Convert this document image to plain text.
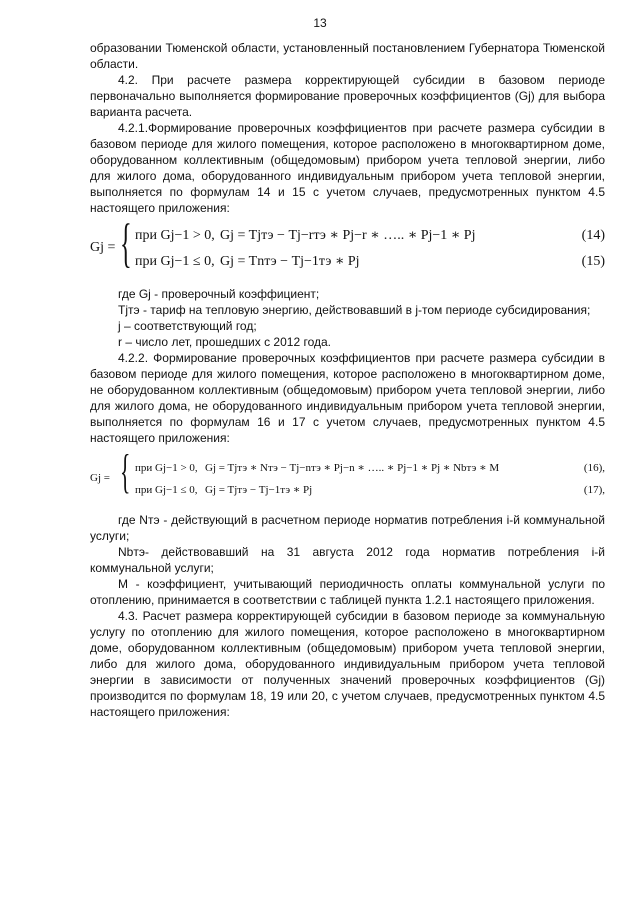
13

образовании Тюменской области, установленный постановлением Губернатора Тюменской области.

4.2. При расчете размера корректирующей субсидии в базовом периоде первоначально выполняется формирование проверочных коэффициентов (Gj) для выбора варианта расчета.

4.2.1.Формирование проверочных коэффициентов при расчете размера субсидии в базовом периоде для жилого помещения, которое расположено в многоквартирном доме, оборудованном коллективным (общедомовым) прибором учета тепловой энергии, либо для жилого дома, оборудованного индивидуальным прибором учета тепловой энергии, выполняется по формулам 14 и 15 с учетом случаев, предусмотренных пунктом 4.5 настоящего приложения:

Gj = { при Gj−1 > 0, Gj = Tjтэ − Tj−rтэ ∗ Pj−r ∗ ….. ∗ Pj−1 ∗ Pj	(14)
при Gj−1 ≤ 0, Gj = Tnтэ − Tj−1тэ ∗ Pj	(15)

где Gj - проверочный коэффициент;

Tjтэ - тариф на тепловую энергию, действовавший в j-том периоде субсидирования;

j – соответствующий год;

r – число лет, прошедших с 2012 года.

4.2.2. Формирование проверочных коэффициентов при расчете размера субсидии в базовом периоде для жилого помещения, которое расположено в многоквартирном доме, не оборудованном коллективным (общедомовым) прибором учета тепловой энергии, либо для жилого дома, не оборудованного индивидуальным прибором учета тепловой энергии, выполняется по формулам 16 и 17 с учетом случаев, предусмотренных пунктом 4.5 настоящего приложения:

Gj = { при Gj−1 > 0, Gj = Tjтэ ∗ Nтэ − Tj−nтэ ∗ Pj−n ∗ ….. ∗ Pj−1 ∗ Pj ∗ Nbтэ ∗ M	(16),
при Gj−1 ≤ 0, Gj = Tjтэ − Tj−1тэ ∗ Pj	(17),

где Nтэ - действующий в расчетном периоде норматив потребления i-й коммунальной услуги;

Nbтэ- действовавший на 31 августа 2012 года норматив потребления i-й коммунальной услуги;

M - коэффициент, учитывающий периодичность оплаты коммунальной услуги по отоплению, принимается в соответствии с таблицей пункта 1.2.1 настоящего приложения.

4.3. Расчет размера корректирующей субсидии в базовом периоде за коммунальную услугу по отоплению для жилого помещения, которое расположено в многоквартирном доме, оборудованном коллективным (общедомовым) прибором учета тепловой энергии, либо для жилого дома, оборудованного индивидуальным прибором учета тепловой энергии в зависимости от полученных значений проверочных коэффициентов (Gj) производится по формулам 18, 19 или 20, с учетом случаев, предусмотренных пунктом 4.5 настоящего приложения:
